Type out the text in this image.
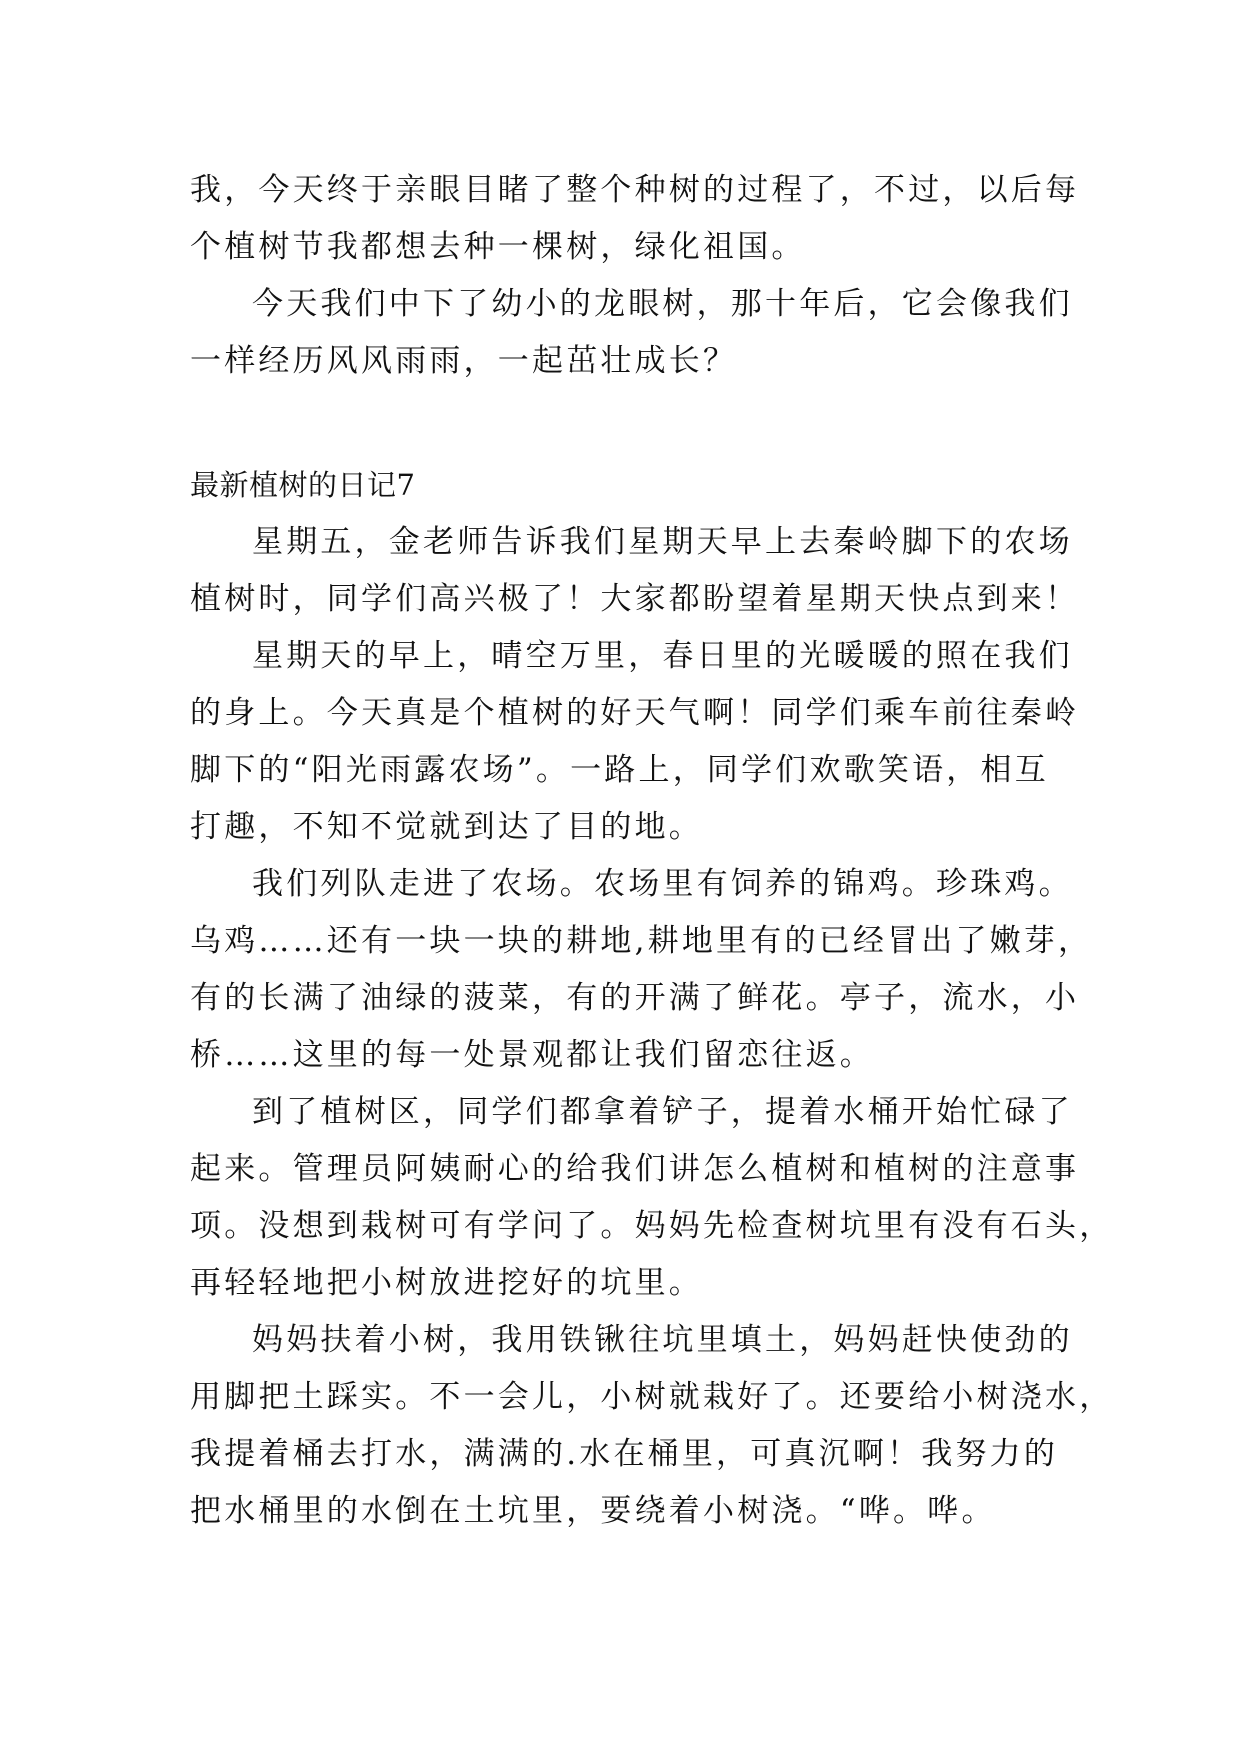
我，今天终于亲眼目睹了整个种树的过程了，不过，以后每
个植树节我都想去种一棵树，绿化祖国。
今天我们中下了幼小的龙眼树，那十年后，它会像我们
一样经历风风雨雨，一起茁壮成长？
最新植树的日记7
星期五，金老师告诉我们星期天早上去秦岭脚下的农场
植树时，同学们高兴极了！大家都盼望着星期天快点到来！
星期天的早上，晴空万里，春日里的光暖暖的照在我们
的身上。今天真是个植树的好天气啊！同学们乘车前往秦岭
脚下的“阳光雨露农场”。一路上，同学们欢歌笑语，相互
打趣，不知不觉就到达了目的地。
我们列队走进了农场。农场里有饲养的锦鸡。珍珠鸡。
乌鸡……还有一块一块的耕地,耕地里有的已经冒出了嫩芽，
有的长满了油绿的菠菜，有的开满了鲜花。亭子，流水，小
桥……这里的每一处景观都让我们留恋往返。
到了植树区，同学们都拿着铲子，提着水桶开始忙碌了
起来。管理员阿姨耐心的给我们讲怎么植树和植树的注意事
项。没想到栽树可有学问了。妈妈先检查树坑里有没有石头，
再轻轻地把小树放进挖好的坑里。
妈妈扶着小树，我用铁锹往坑里填土，妈妈赶快使劲的
用脚把土踩实。不一会儿，小树就栽好了。还要给小树浇水，
我提着桶去打水，满满的.水在桶里，可真沉啊！我努力的
把水桶里的水倒在土坑里，要绕着小树浇。“哗。哗。
